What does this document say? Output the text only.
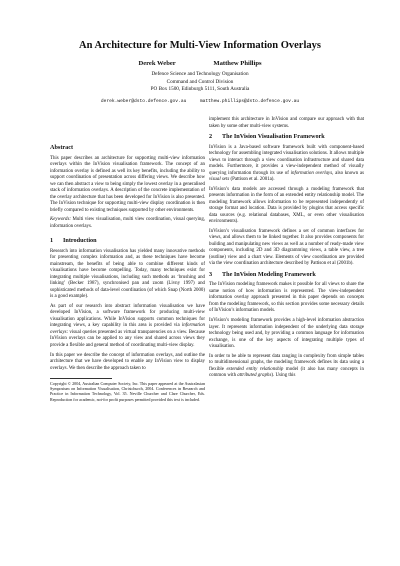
An Architecture for Multi-View Information Overlays
Derek Weber	Matthew Phillips
Defence Science and Technology Organisation
Command and Control Division
PO Box 1500, Edinburgh 5111, South Australia
derek.weber@dsto.defence.gov.au	matthew.phillips@dsto.defence.gov.au
Abstract

This paper describes an architecture for supporting multi-view information overlays within the InVision visualisation framework. The concept of an information overlay is defined as well its key benefits, including the ability to support coordination of presentation across differing views. We describe how we can then abstract a view to being simply the lowest overlay in a generalised stack of information overlays. A description of the concrete implementation of the overlay architecture that has been developed for InVision is also presented. The InVision technique for supporting multi-view display coordination is then briefly compared to existing techniques supported by other environments.

Keywords: Multi view visualisation, multi view coordination, visual querying, information overlays.

1 Introduction

Research into information visualisation has yielded many innovative methods for presenting complex information and, as these techniques have become mainstream, the benefits of being able to combine different kinds of visualisations have become compelling. Today, many techniques exist for integrating multiple visualisations, including such methods as ‘brushing and linking’ (Becker 1987), synchronised pan and zoom (Livny 1997) and sophisticated methods of data-level coordination (of which Snap (North 2000) is a good example).

As part of our research into abstract information visualisation we have developed InVision, a software framework for producing multi-view visualisation applications. While InVision supports common techniques for integrating views, a key capability in this area is provided via information overlays: visual queries presented as virtual transparencies on a view. Because InVision overlays can be applied to any view and shared across views they provide a flexible and general method of coordinating multi-view display.

In this paper we describe the concept of information overlays, and outline the architecture that we have developed to enable any InVision view to display overlays. We then describe the approach taken to

Copyright © 2004, Australian Computer Society, Inc. This paper appeared at the Australasian Symposium on Information Visualisation, Christchurch, 2004. Conferences in Research and Practice in Information Technology, Vol. 35. Neville Churcher and Clare Churcher, Eds. Reproduction for academic, not-for profit purposes permitted provided this text is included.

implement this architecture in InVision and compare our approach with that taken by some other multi-view systems.

2 The InVision Visualisation Framework

InVision is a Java-based software framework built with component-based technology for assembling integrated visualisation solutions. It allows multiple views to interact through a view coordination infrastructure and shared data models. Furthermore, it provides a view-independent method of visually querying information through its use of information overlays, also known as visual sets (Pattison et al. 2001a).

InVision’s data models are accessed through a modeling framework that presents information in the form of an extended entity relationship model. The modeling framework allows information to be represented independently of storage format and location. Data is provided by plugins that access specific data sources (e.g. relational databases, XML, or even other visualisation environments).

InVision’s visualisation framework defines a set of common interfaces for views, and allows them to be linked together. It also provides components for building and manipulating new views as well as a number of ready-made view components, including 2D and 3D diagramming views, a table view, a tree (outline) view and a chart view. Elements of view coordination are provided via the view coordination architecture described by Pattison et al (2001b).

3 The InVision Modeling Framework

The InVision modeling framework makes it possible for all views to share the same notion of how information is represented. The view-independent information overlay approach presented in this paper depends on concepts from the modeling framework, so this section provides some necessary details of InVision’s information models.

InVision’s modeling framework provides a high-level information abstraction layer. It represents information independent of the underlying data storage technology being used and, by providing a common language for information exchange, is one of the key aspects of integrating multiple types of visualisation.

In order to be able to represent data ranging in complexity from simple tables to multidimensional graphs, the modeling framework defines its data using a flexible extended entity relationship model (it also has many concepts in common with attributed graphs). Using this
